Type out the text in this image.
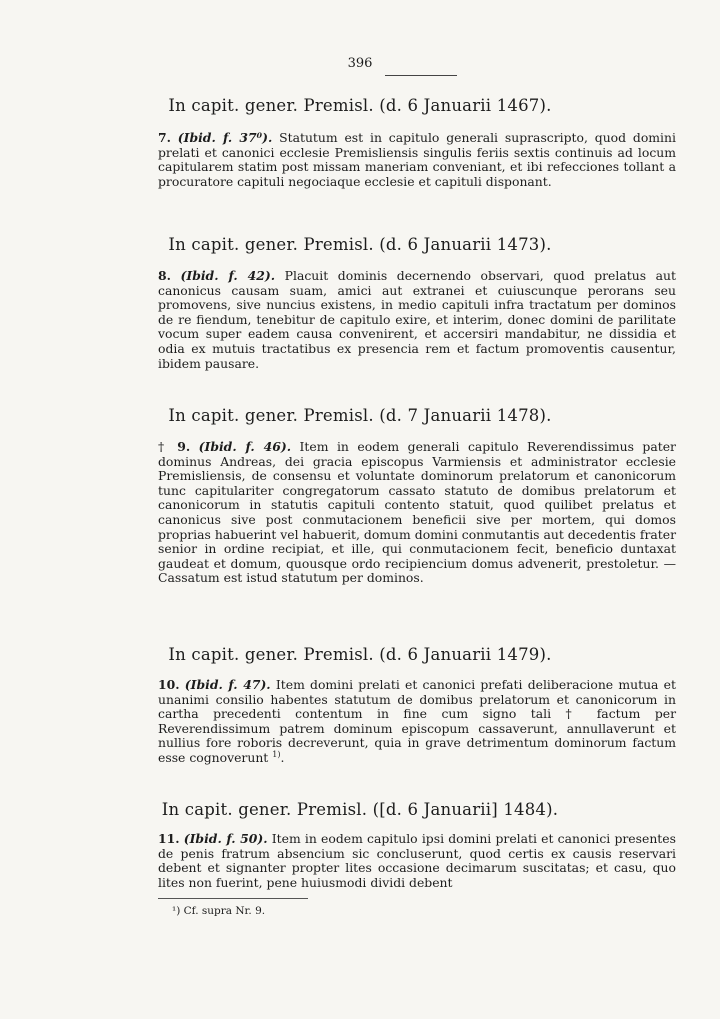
396
In capit. gener. Premisl. (d. 6 Januarii 1467).

7. (Ibid. f. 37⁰). Statutum est in capitulo generali suprascripto, quod domini prelati et canonici ecclesie Premisliensis singulis feriis sextis continuis ad locum capitularem statim post missam maneriam conveniant, et ibi refecciones tollant a procuratore capituli negociaque ecclesie et capituli disponant.

In capit. gener. Premisl. (d. 6 Januarii 1473).

8. (Ibid. f. 42). Placuit dominis decernendo observari, quod prelatus aut canonicus causam suam, amici aut extranei et cuiuscunque perorans seu promovens, sive nuncius existens, in medio capituli infra tractatum per dominos de re fiendum, tenebitur de capitulo exire, et interim, donec domini de parilitate vocum super eadem causa convenirent, et accersiri mandabitur, ne dissidia et odia ex mutuis tractatibus ex presencia rem et factum promoventis causentur, ibidem pausare.

In capit. gener. Premisl. (d. 7 Januarii 1478).

† 9. (Ibid. f. 46). Item in eodem generali capitulo Reverendissimus pater dominus Andreas, dei gracia episcopus Varmiensis et administrator ecclesie Premisliensis, de consensu et voluntate dominorum prelatorum et canonicorum tunc capitulariter congregatorum cassato statuto de domibus prelatorum et canonicorum in statutis capituli contento statuit, quod quilibet prelatus et canonicus sive post conmutacionem beneficii sive per mortem, qui domos proprias habuerint vel habuerit, domum domini conmutantis aut decedentis frater senior in ordine recipiat, et ille, qui conmutacionem fecit, beneficio duntaxat gaudeat et domum, quousque ordo recipiencium domus advenerit, prestoletur. — Cassatum est istud statutum per dominos.

In capit. gener. Premisl. (d. 6 Januarii 1479).

10. (Ibid. f. 47). Item domini prelati et canonici prefati deliberacione mutua et unanimi consilio habentes statutum de domibus prelatorum et canonicorum in cartha precedenti contentum in fine cum signo tali † factum per Reverendissimum patrem dominum episcopum cassaverunt, annullaverunt et nullius fore roboris decreverunt, quia in grave detrimentum dominorum factum esse cognoverunt $^{1)}$.

In capit. gener. Premisl. ([d. 6 Januarii] 1484).

11. (Ibid. f. 50). Item in eodem capitulo ipsi domini prelati et canonici presentes de penis fratrum absencium sic concluserunt, quod certis ex causis reservari debent et signanter propter lites occasione decimarum suscitatas; et casu, quo lites non fuerint, pene huiusmodi dividi debent

¹) Cf. supra Nr. 9.
